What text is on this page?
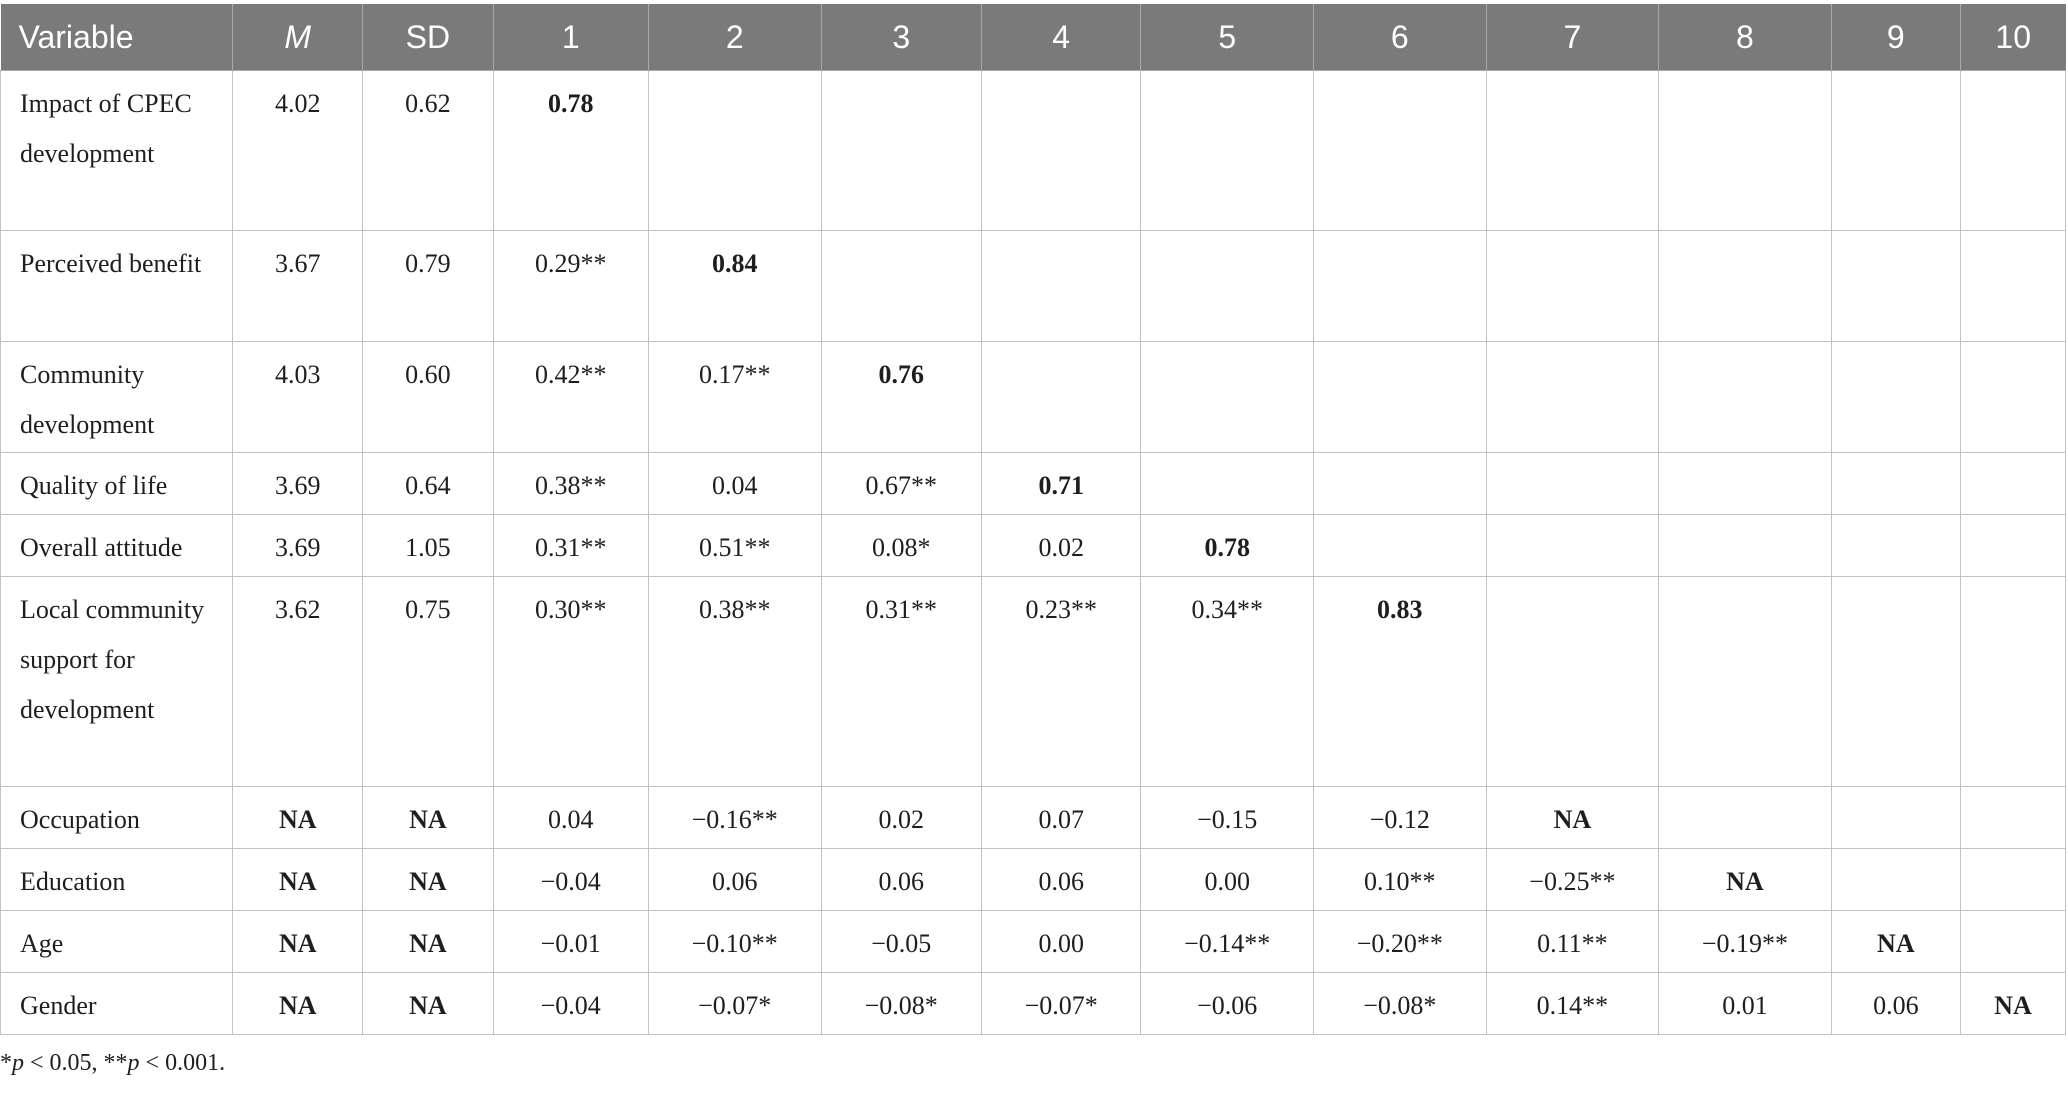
Variable	M	SD	1	2	3	4	5	6	7	8	9	10
Impact of CPEC development	4.02	0.62	0.78									
Perceived benefit	3.67	0.79	0.29**	0.84								
Community development	4.03	0.60	0.42**	0.17**	0.76							
Quality of life	3.69	0.64	0.38**	0.04	0.67**	0.71						
Overall attitude	3.69	1.05	0.31**	0.51**	0.08*	0.02	0.78					
Local community support for development	3.62	0.75	0.30**	0.38**	0.31**	0.23**	0.34**	0.83				
Occupation	NA	NA	0.04	−0.16**	0.02	0.07	−0.15	−0.12	NA			
Education	NA	NA	−0.04	0.06	0.06	0.06	0.00	0.10**	−0.25**	NA		
Age	NA	NA	−0.01	−0.10**	−0.05	0.00	−0.14**	−0.20**	0.11**	−0.19**	NA	
Gender	NA	NA	−0.04	−0.07*	−0.08*	−0.07*	−0.06	−0.08*	0.14**	0.01	0.06	NA
*p < 0.05, **p < 0.001.
